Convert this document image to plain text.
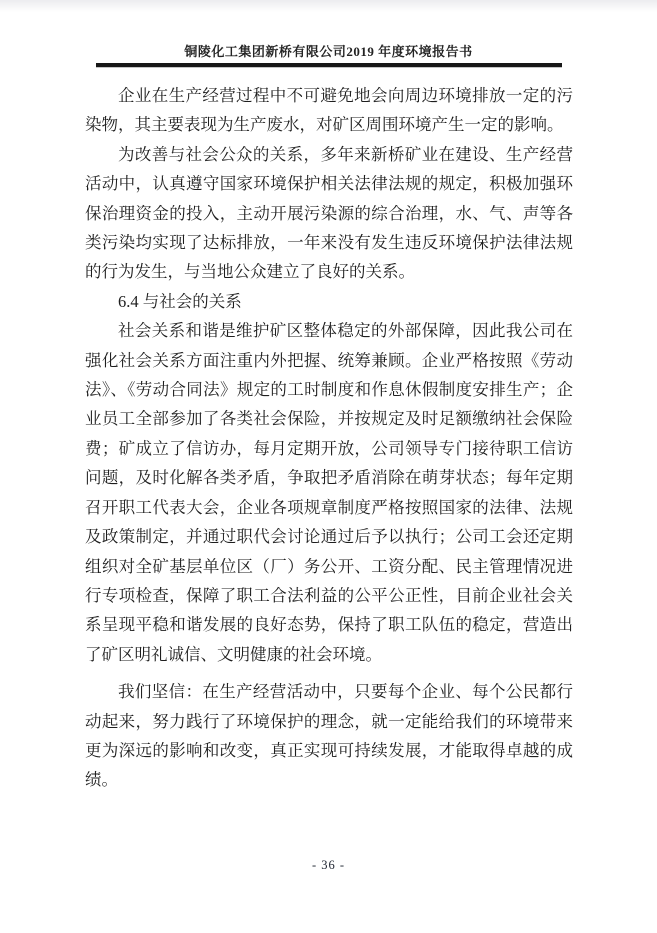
铜陵化工集团新桥有限公司2019 年度环境报告书

企业在生产经营过程中不可避免地会向周边环境排放一定的污染物，其主要表现为生产废水，对矿区周围环境产生一定的影响。

为改善与社会公众的关系，多年来新桥矿业在建设、生产经营活动中，认真遵守国家环境保护相关法律法规的规定，积极加强环保治理资金的投入，主动开展污染源的综合治理，水、气、声等各类污染均实现了达标排放，一年来没有发生违反环境保护法律法规的行为发生，与当地公众建立了良好的关系。

6.4 与社会的关系

社会关系和谐是维护矿区整体稳定的外部保障，因此我公司在强化社会关系方面注重内外把握、统筹兼顾。企业严格按照《劳动法》、《劳动合同法》规定的工时制度和作息休假制度安排生产；企业员工全部参加了各类社会保险，并按规定及时足额缴纳社会保险费；矿成立了信访办，每月定期开放，公司领导专门接待职工信访问题，及时化解各类矛盾，争取把矛盾消除在萌芽状态；每年定期召开职工代表大会，企业各项规章制度严格按照国家的法律、法规及政策制定，并通过职代会讨论通过后予以执行；公司工会还定期组织对全矿基层单位区（厂）务公开、工资分配、民主管理情况进行专项检查，保障了职工合法利益的公平公正性，目前企业社会关系呈现平稳和谐发展的良好态势，保持了职工队伍的稳定，营造出了矿区明礼诚信、文明健康的社会环境。

我们坚信：在生产经营活动中，只要每个企业、每个公民都行动起来，努力践行了环境保护的理念，就一定能给我们的环境带来更为深远的影响和改变，真正实现可持续发展，才能取得卓越的成绩。

- 36 -
